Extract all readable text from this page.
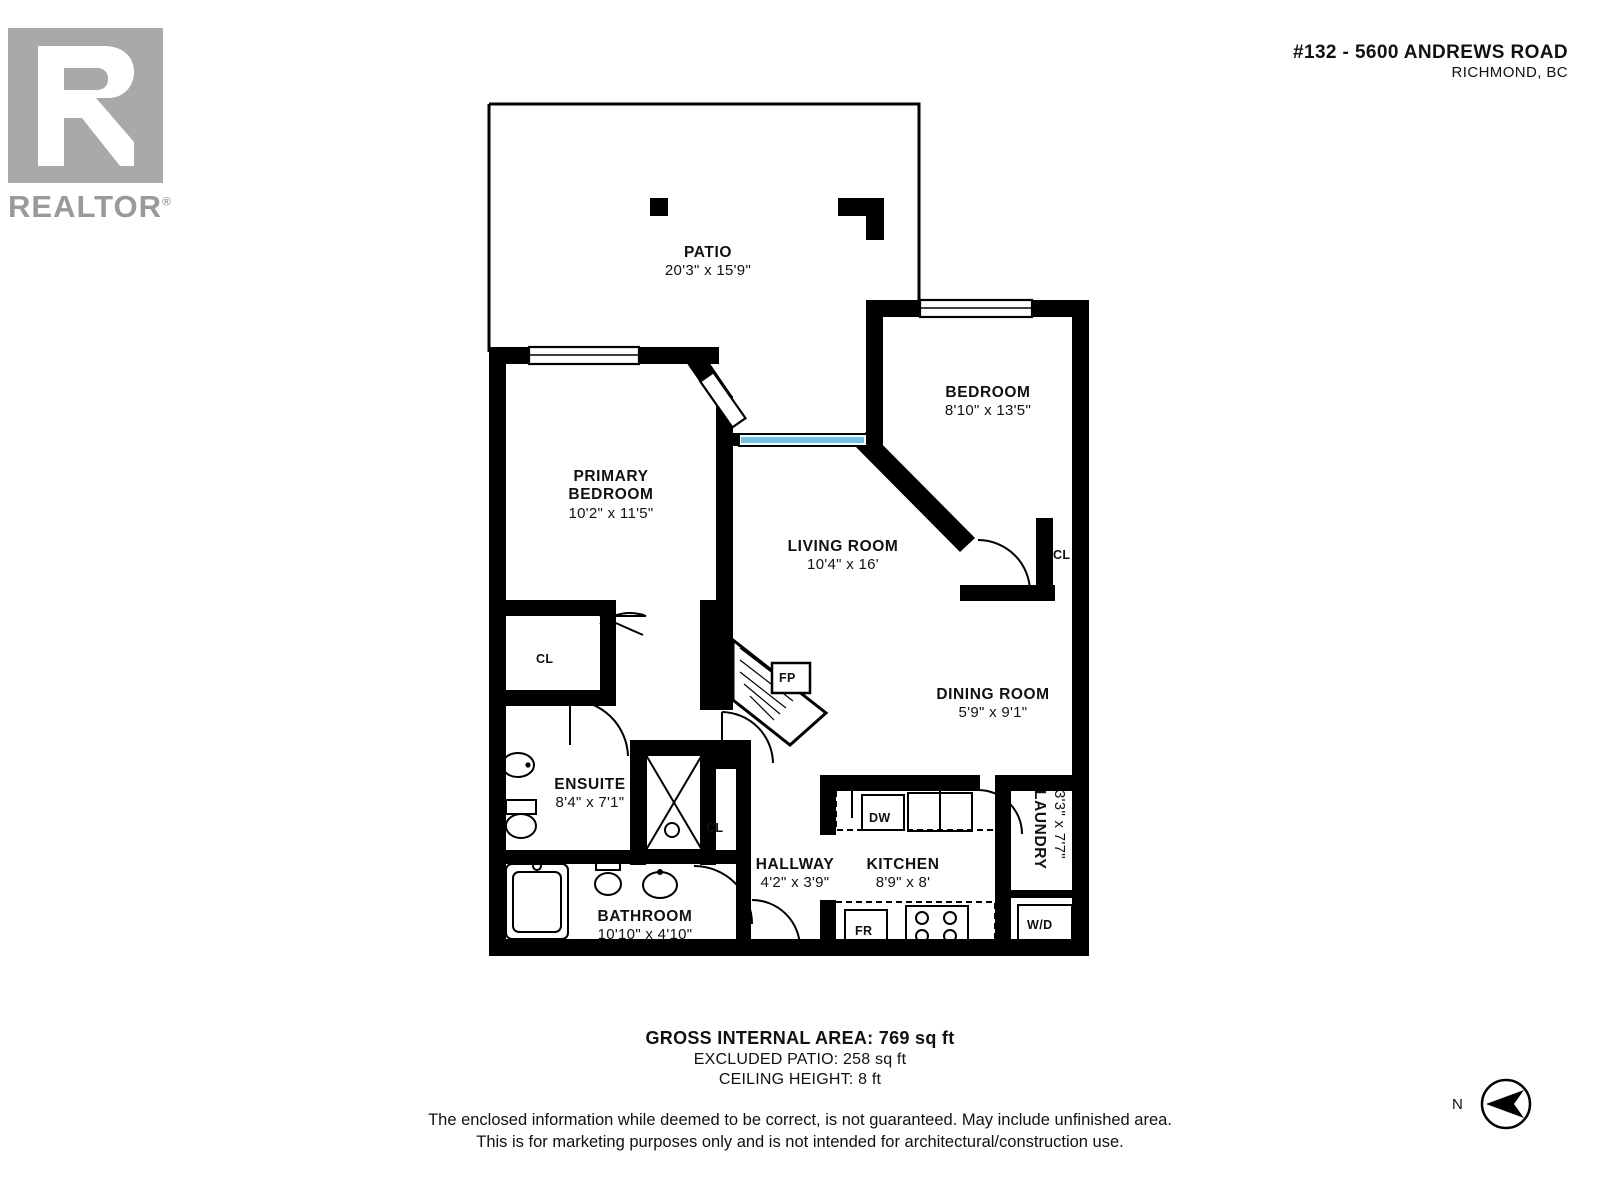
REALTOR®
#132 - 5600 ANDREWS ROAD
RICHMOND, BC
PATIO
20'3" x 15'9"
PRIMARY
BEDROOM
10'2" x 11'5"
BEDROOM
8'10" x 13'5"
LIVING ROOM
10'4" x 16'
DINING ROOM
5'9" x 9'1"
ENSUITE
8'4" x 7'1"
BATHROOM
10'10" x 4'10"
HALLWAY
4'2" x 3'9"
KITCHEN
8'9" x 8'
LAUNDRY 3'3" x 7'7"
CL
CL
CL
FP
DW
FR	W/D
GROSS INTERNAL AREA: 769 sq ft
EXCLUDED PATIO: 258 sq ft
CEILING HEIGHT: 8 ft
The enclosed information while deemed to be correct, is not guaranteed. May include unfinished area.
This is for marketing purposes only and is not intended for architectural/construction use.
N
